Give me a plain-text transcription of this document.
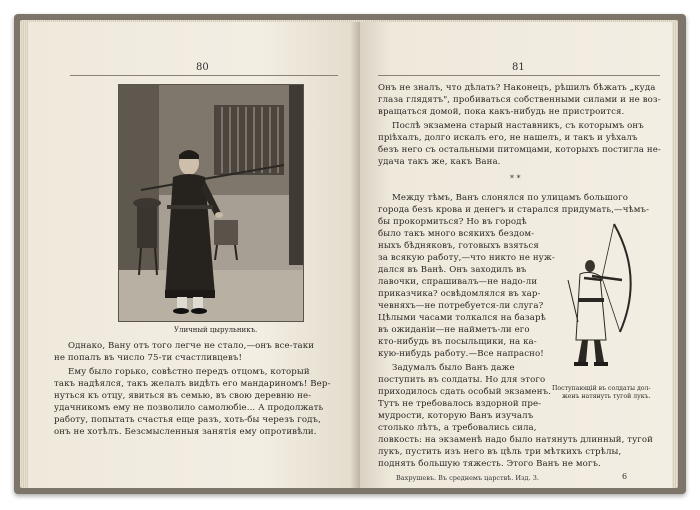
80
Уличный цырульникъ.
Однако, Вану отъ того легче не стало,—онъ все-таки
не попалъ въ число 75-ти счастливцевъ!
Ему было горько, совѣстно передъ отцомъ, который
такъ надѣялся, такъ желалъ видѣть его мандариномъ! Вер-
нуться къ отцу, явиться въ семью, въ свою деревню не-
удачникомъ ему не позволило самолюбіе... А продолжать
работу, попытать счастья еще разъ, хоть-бы черезъ годъ,
онъ не хотѣлъ. Безсмысленныя занятія ему опротивѣли.
81
Онъ не зналъ, что дѣлать? Наконецъ, рѣшилъ бѣжать „куда
глаза глядятъ", пробиваться собственными силами и не воз-
вращаться домой, пока какъ-нибудь не пристроится.
Послѣ экзамена старый наставникъ, съ которымъ онъ
пріѣхалъ, долго искалъ его, не нашелъ, и такъ и уѣхалъ
безъ него съ остальными питомцами, которыхъ постигла не-
удача такъ же, какъ Вана.
* *
Между тѣмъ, Ванъ слонялся по улицамъ большого
города безъ крова и денегъ и старался придумать,—чѣмъ-
бы прокормиться? Но въ городѣ
было такъ много всякихъ бездом-
ныхъ бѣдняковъ, готовыхъ взяться
за всякую работу,—что никто не нуж-
дался въ Ванѣ. Онъ заходилъ въ
лавочки, спрашивалъ—не надо-ли
приказчика? освѣдомлялся въ хар-
чевняхъ—не потребуется-ли слуга?
Цѣлыми часами толкался на базарѣ
въ ожиданіи—не найметъ-ли его
кто-нибудь въ посыльщики, на ка-
кую-нибудь работу.—Все напрасно!
Задумалъ было Ванъ даже
поступить въ солдаты. Но для этого
приходилось сдать особый экзаменъ.
Тутъ не требовалось вздорной пре-
мудрости, которую Ванъ изучалъ
столько лѣтъ, а требовались сила,
ловкость: на экзаменѣ надо было натянуть длинный, тугой
лукъ, пустить изъ него въ цѣль три мѣткихъ стрѣлы,
поднять большую тяжесть. Этого Ванъ не могъ.
Поступающій въ солдаты дол-
женъ натянуть тугой лукъ.
Вахрушевъ. Въ среднемъ царствѣ. Изд. 3.	6
